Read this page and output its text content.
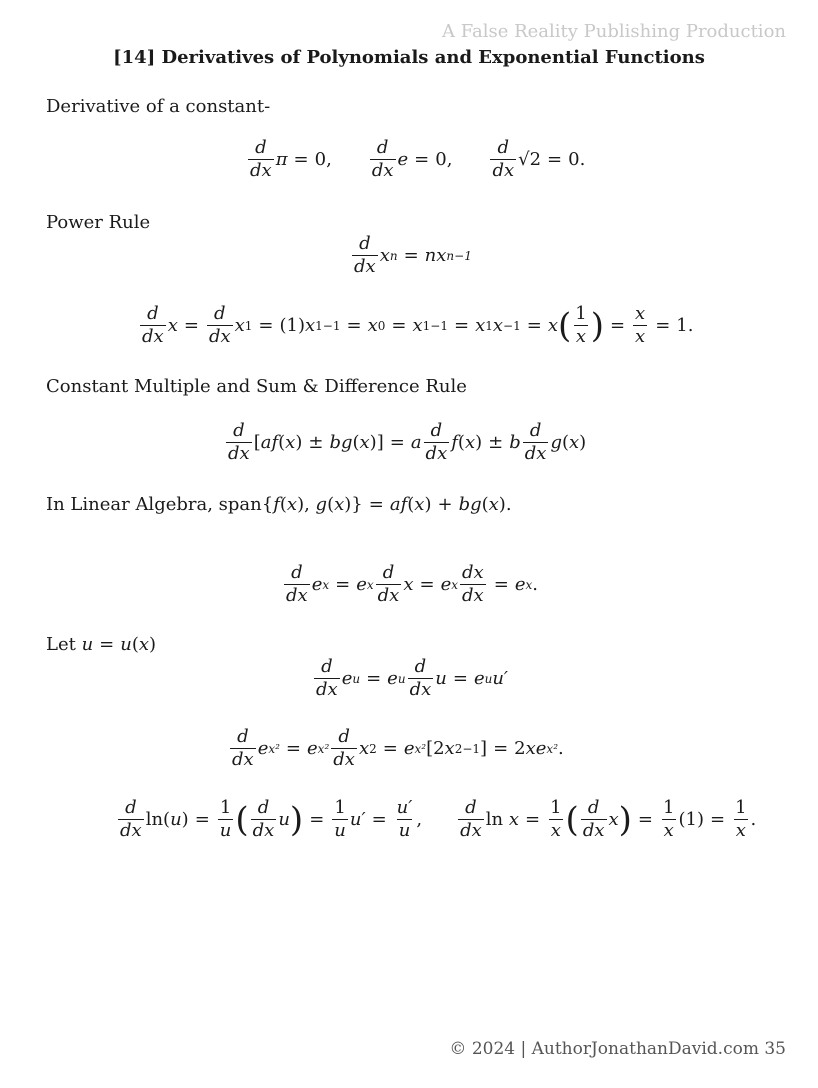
A False Reality Publishing Production
[14] Derivatives of Polynomials and Exponential Functions
Derivative of a constant-
$\frac{d}{dx}$ π = 0, $\frac{d}{dx}$ e = 0, $\frac{d}{dx} √2 = 0$.
Power Rule
$\frac{d}{dx}$ x n = nx n−1
$\frac{d}{dx}$ $x = \frac{d}{dx}$ x 1 = (1) x 1−1 = x 0 = x 1−1 = x 1 x −1 = x ( $\frac{1}{x}$ ) = $\frac{x}{x} = 1$.
Constant Multiple and Sum & Difference Rule
$\frac{d}{dx}$ [ af ( x ) ± bg ( x )] = a $\frac{d}{dx}$ f ( x ) ± b $\frac{d}{dx}$ g ( x )
In Linear Algebra, span { f ( x ), g ( x )} = af ( x ) + bg ( x ).
$\frac{d}{dx}$ e x = e x $\frac{d}{dx}$ x = e x $\frac{dx}{dx} = e$ x .
Let
u = u ( x )
$\frac{d}{dx}$ e u = e u $\frac{d}{dx}$ u = e u u′
$\frac{d}{dx}$ e x² = e $x^2 \frac{d}{dx}$ x 2 = e x² [2 x 2−1 ] = 2 xe x² .
$\frac{d}{dx} \ln$( u ) = $\frac{1}{u}$ ( $\frac{d}{dx}$ u ) = $\frac{1}{u} u' = \frac{u'}{u}$ , $\frac{d}{dx}$ $\ln x = \frac{1}{x}$ ( $\frac{d}{dx}$ x ) = $\frac{1}{x} (1) = \frac{1}{x}$ .
© 2024 | AuthorJonathanDavid.com 35
